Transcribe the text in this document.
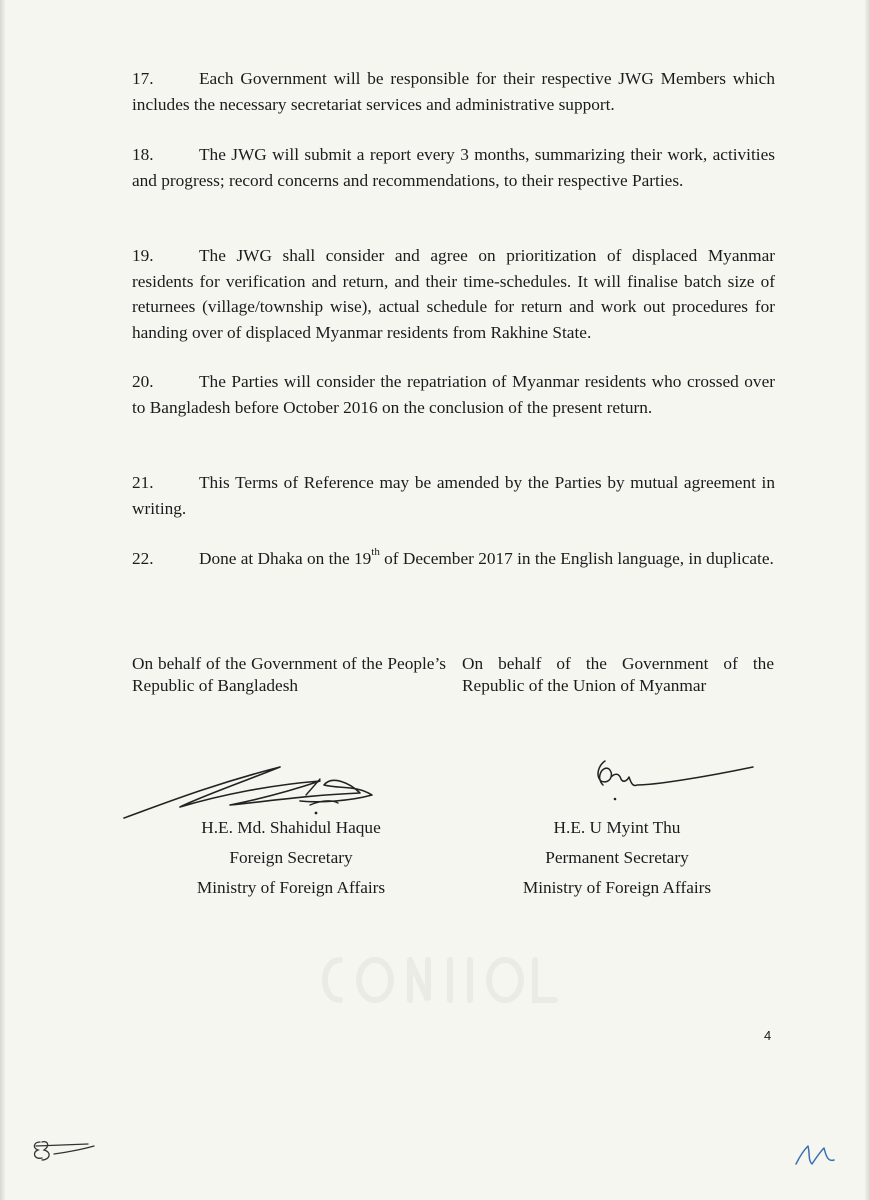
17.	Each Government will be responsible for their respective JWG Members which includes the necessary secretariat services and administrative support.
18.	The JWG will submit a report every 3 months, summarizing their work, activities and progress; record concerns and recommendations, to their respective Parties.
19.	The JWG shall consider and agree on prioritization of displaced Myanmar residents for verification and return, and their time-schedules. It will finalise batch size of returnees (village/township wise), actual schedule for return and work out procedures for handing over of displaced Myanmar residents from Rakhine State.
20.	The Parties will consider the repatriation of Myanmar residents who crossed over to Bangladesh before October 2016 on the conclusion of the present return.
21.	This Terms of Reference may be amended by the Parties by mutual agreement in writing.
22.	Done at Dhaka on the 19th of December 2017 in the English language, in duplicate.
On behalf of the Government of the People’s Republic of Bangladesh
On behalf of the Government of the Republic of the Union of Myanmar
H.E. Md. Shahidul Haque
Foreign Secretary
Ministry of Foreign Affairs
H.E. U Myint Thu
Permanent Secretary
Ministry of Foreign Affairs
4
